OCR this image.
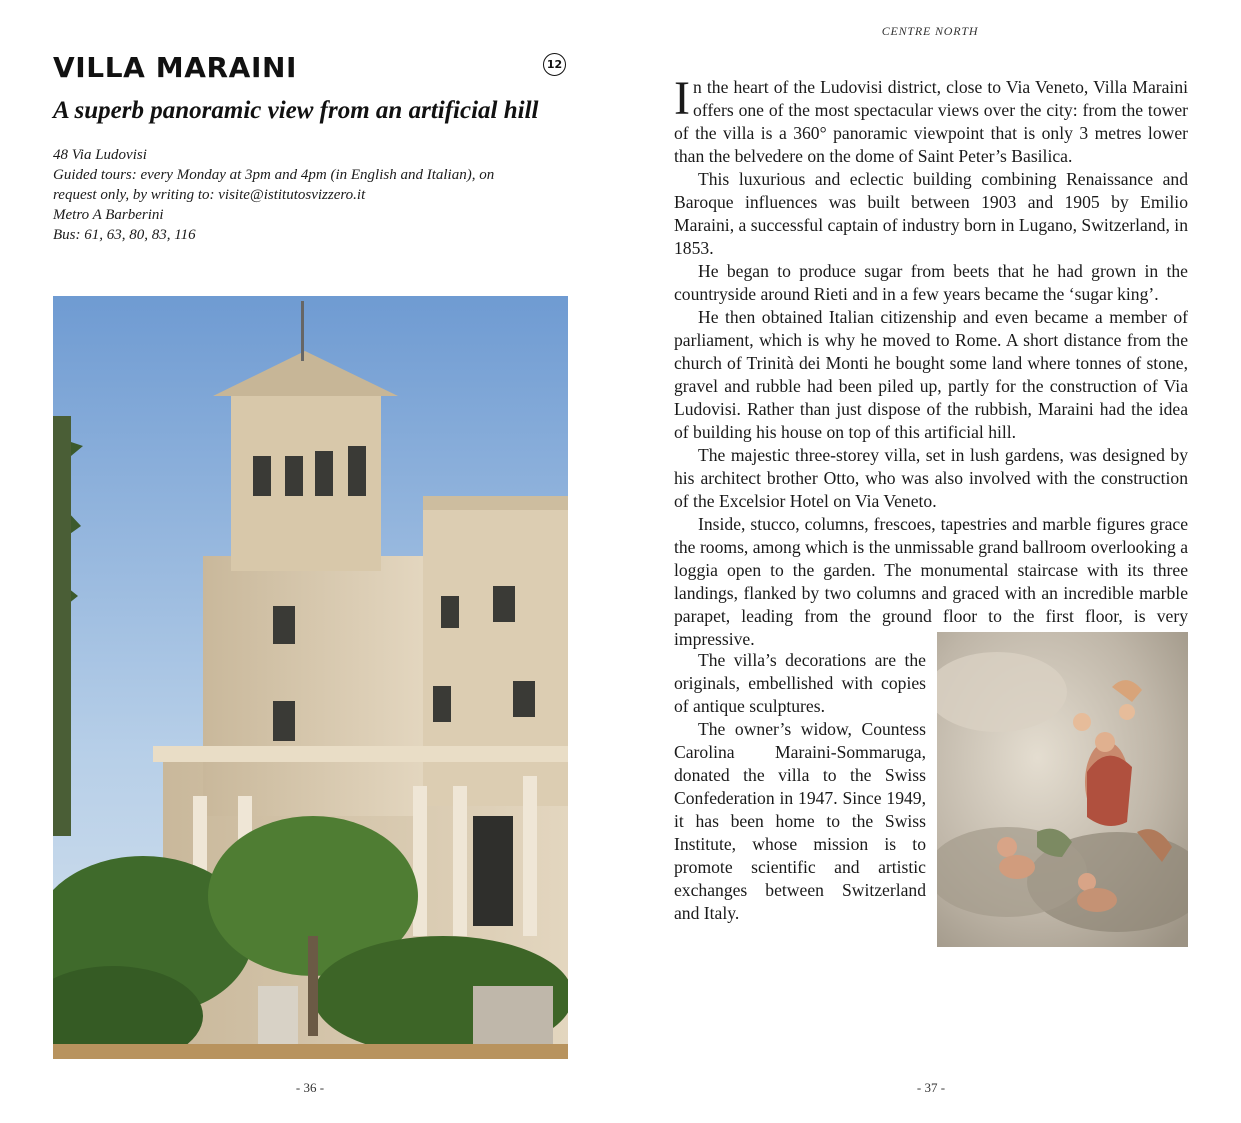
VILLA MARAINI	12
A superb panoramic view from an artificial hill
48 Via Ludovisi
Guided tours: every Monday at 3pm and 4pm (in English and Italian), on
request only, by writing to: visite@istitutosvizzero.it
Metro A Barberini
Bus: 61, 63, 80, 83, 116
- 36 -
CENTRE NORTH

In the heart of the Ludovisi district, close to Via Veneto, Villa Maraini offers one of the most spectacular views over the city: from the tower of the villa is a 360° panoramic viewpoint that is only 3 metres lower than the belvedere on the dome of Saint Peter’s Basilica.

This luxurious and eclectic building combining Renaissance and Baroque influences was built between 1903 and 1905 by Emilio Maraini, a successful captain of industry born in Lugano, Switzerland, in 1853.

He began to produce sugar from beets that he had grown in the countryside around Rieti and in a few years became the ‘sugar king’.

He then obtained Italian citizenship and even became a member of parliament, which is why he moved to Rome. A short distance from the church of Trinità dei Monti he bought some land where tonnes of stone, gravel and rubble had been piled up, partly for the construction of Via Ludovisi. Rather than just dispose of the rubbish, Maraini had the idea of building his house on top of this artificial hill.

The majestic three-storey villa, set in lush gardens, was designed by his architect brother Otto, who was also involved with the construction of the Excelsior Hotel on Via Veneto.

Inside, stucco, columns, frescoes, tapestries and marble figures grace the rooms, among which is the unmissable grand ballroom overlooking a loggia open to the garden. The monumental staircase with its three landings, flanked by two columns and graced with an incredible marble parapet, leading from the ground floor to the first floor, is very impressive.

The villa’s decorations are the originals, embellished with copies of antique sculptures.

The owner’s widow, Countess Carolina Maraini-Sommaruga, donated the villa to the Swiss Confederation in 1947. Since 1949, it has been home to the Swiss Institute, whose mission is to promote scientific and artistic exchanges between Switzerland and Italy.

- 37 -
